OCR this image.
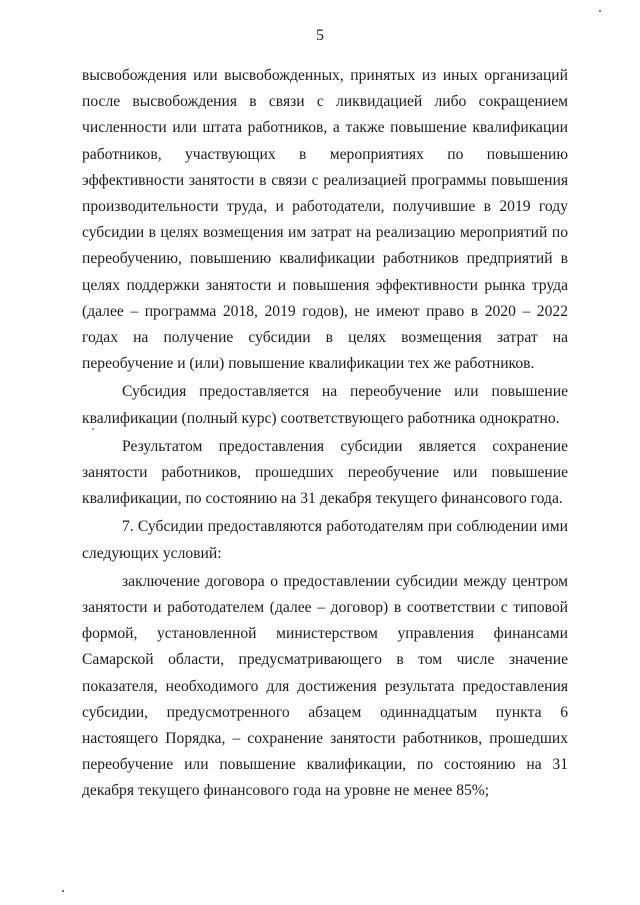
5

высвобождения или высвобожденных, принятых из иных организаций после высвобождения в связи с ликвидацией либо сокращением численности или штата работников, а также повышение квалификации работников, участвующих в мероприятиях по повышению эффективности занятости в связи с реализацией программы повышения производительности труда, и работодатели, получившие в 2019 году субсидии в целях возмещения им затрат на реализацию мероприятий по переобучению, повышению квалификации работников предприятий в целях поддержки занятости и повышения эффективности рынка труда (далее – программа 2018, 2019 годов), не имеют право в 2020 – 2022 годах на получение субсидии в целях возмещения затрат на переобучение и (или) повышение квалификации тех же работников.

Субсидия предоставляется на переобучение или повышение квалификации (полный курс) соответствующего работника однократно.

Результатом предоставления субсидии является сохранение занятости работников, прошедших переобучение или повышение квалификации, по состоянию на 31 декабря текущего финансового года.

7. Субсидии предоставляются работодателям при соблюдении ими следующих условий:

заключение договора о предоставлении субсидии между центром занятости и работодателем (далее – договор) в соответствии с типовой формой, установленной министерством управления финансами Самарской области, предусматривающего в том числе значение показателя, необходимого для достижения результата предоставления субсидии, предусмотренного абзацем одиннадцатым пункта 6 настоящего Порядка, – сохранение занятости работников, прошедших переобучение или повышение квалификации, по состоянию на 31 декабря текущего финансового года на уровне не менее 85%;
